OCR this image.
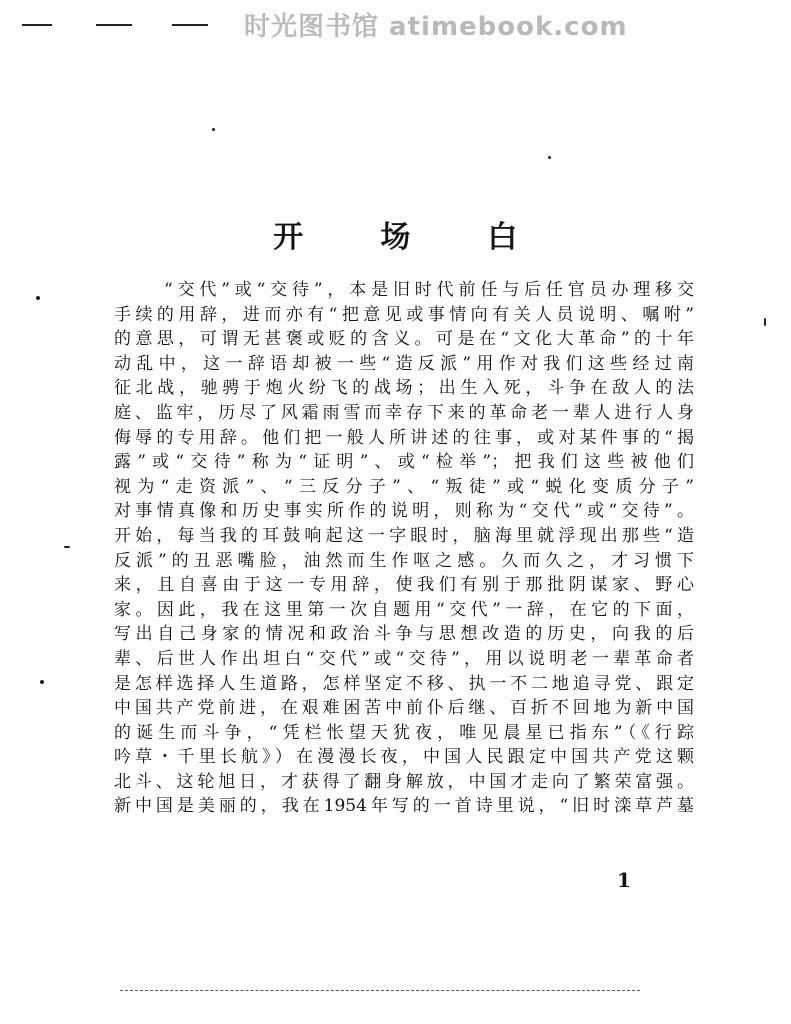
时光图书馆 atimebook.com
开 场 白
“交代”或“交待”，本是旧时代前任与后任官员办理移交
手续的用辞，进而亦有“把意见或事情向有关人员说明、嘱咐”
的意思，可谓无甚褒或贬的含义。可是在“文化大革命”的十年
动乱中，这一辞语却被一些“造反派”用作对我们这些经过南
征北战，驰骋于炮火纷飞的战场；出生入死，斗争在敌人的法
庭、监牢，历尽了风霜雨雪而幸存下来的革命老一辈人进行人身
侮辱的专用辞。他们把一般人所讲述的往事，或对某件事的“揭
露”或“交待”称为“证明”、或“检举”；把我们这些被他们
视为“走资派”、“三反分子”、“叛徒”或“蜕化变质分子”
对事情真像和历史事实所作的说明，则称为“交代”或“交待”。
开始，每当我的耳鼓响起这一字眼时，脑海里就浮现出那些“造
反派”的丑恶嘴脸，油然而生作呕之感。久而久之，才习惯下
来，且自喜由于这一专用辞，使我们有别于那批阴谋家、野心
家。因此，我在这里第一次自题用“交代”一辞，在它的下面，
写出自己身家的情况和政治斗争与思想改造的历史，向我的后
辈、后世人作出坦白“交代”或“交待”，用以说明老一辈革命者
是怎样选择人生道路，怎样坚定不移、执一不二地追寻党、跟定
中国共产党前进，在艰难困苦中前仆后继、百折不回地为新中国
的诞生而斗争，“凭栏怅望天犹夜，唯见晨星已指东”（《行踪
吟草・千里长航》）在漫漫长夜，中国人民跟定中国共产党这颗
北斗、这轮旭日，才获得了翻身解放，中国才走向了繁荣富强。
新中国是美丽的，我在1954年写的一首诗里说，“旧时滦草芦墓
1
